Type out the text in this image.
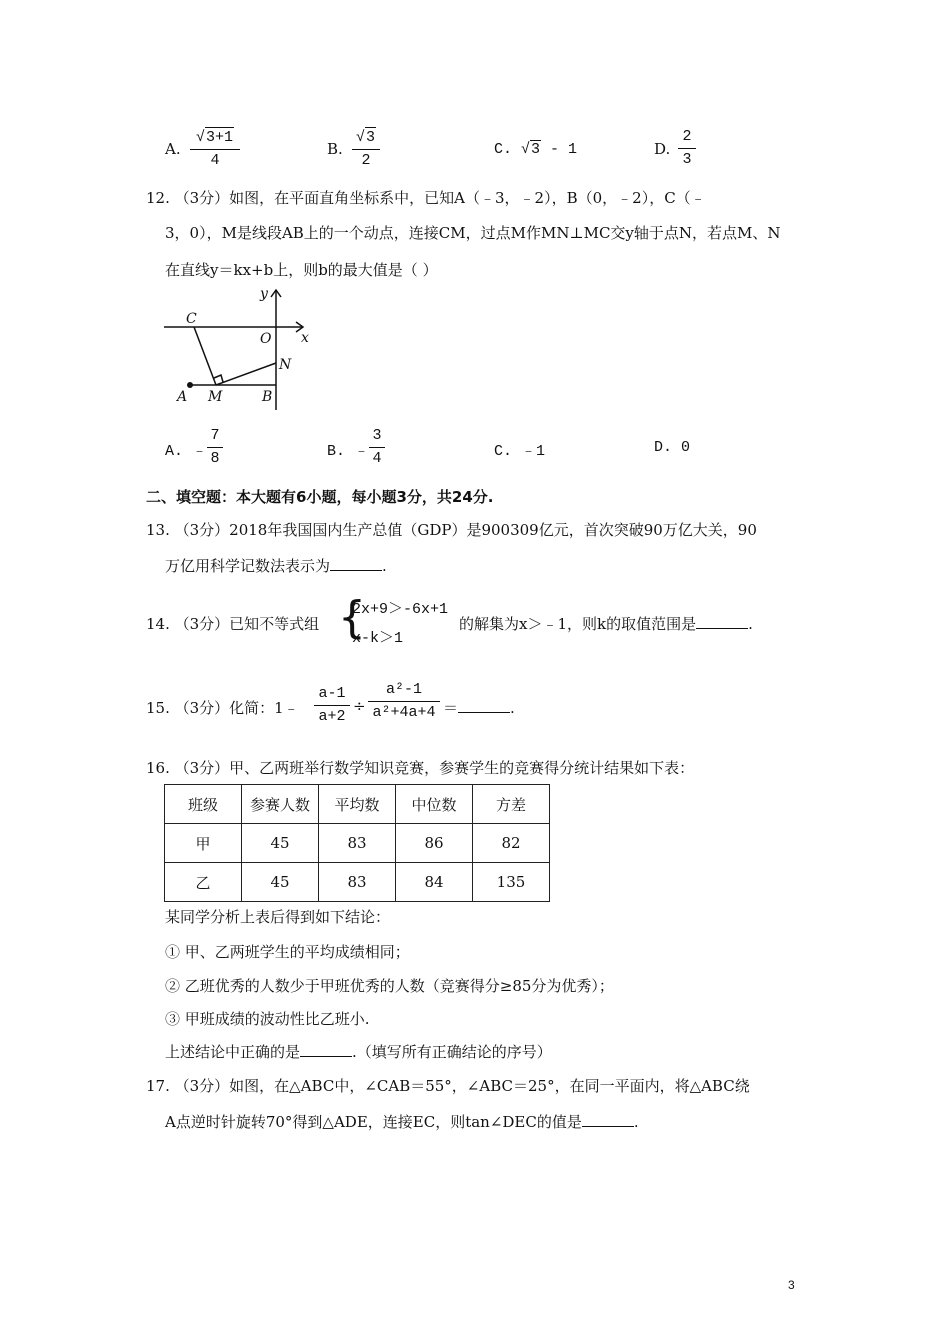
A.
√3+1
4
B.
√3
2
C. √3 - 1	D.
2
3
12. （3分）如图，在平面直角坐标系中，已知A（﹣3，﹣2），B（0，﹣2），C（﹣
3，0），M是线段AB上的一个动点，连接CM，过点M作MN⊥MC交y轴于点N，若点M、N
在直线y＝kx+b上，则b的最大值是（ ）
y
x
C
O
N
A M	B
A. ﹣
7
8	B. ﹣
3
4	C. ﹣1	D. 0
二、填空题：本大题有6小题，每小题3分，共24分.
13. （3分）2018年我国国内生产总值（GDP）是900309亿元，首次突破90万亿大关，90
万亿用科学记数法表示为	.
14. （3分）已知不等式组 {
2x+9＞-6x+1
x-k＞1
的解集为x＞﹣1，则k的取值范围是	.
15. （3分）化简：1﹣
a-1
a+2
÷
a²-1
a²+4a+4 ＝	.
16. （3分）甲、乙两班举行数学知识竞赛，参赛学生的竞赛得分统计结果如下表：
班级	参赛人数	平均数	中位数	方差
甲	45	83	86	82
乙	45	83	84	135
某同学分析上表后得到如下结论：
① 甲、乙两班学生的平均成绩相同；
② 乙班优秀的人数少于甲班优秀的人数（竞赛得分≥85分为优秀）；
③ 甲班成绩的波动性比乙班小.
上述结论中正确的是	.（填写所有正确结论的序号）
17. （3分）如图，在△ABC中，∠CAB＝55°，∠ABC＝25°，在同一平面内，将△ABC绕
A点逆时针旋转70°得到△ADE，连接EC，则tan∠DEC的值是	.
3
